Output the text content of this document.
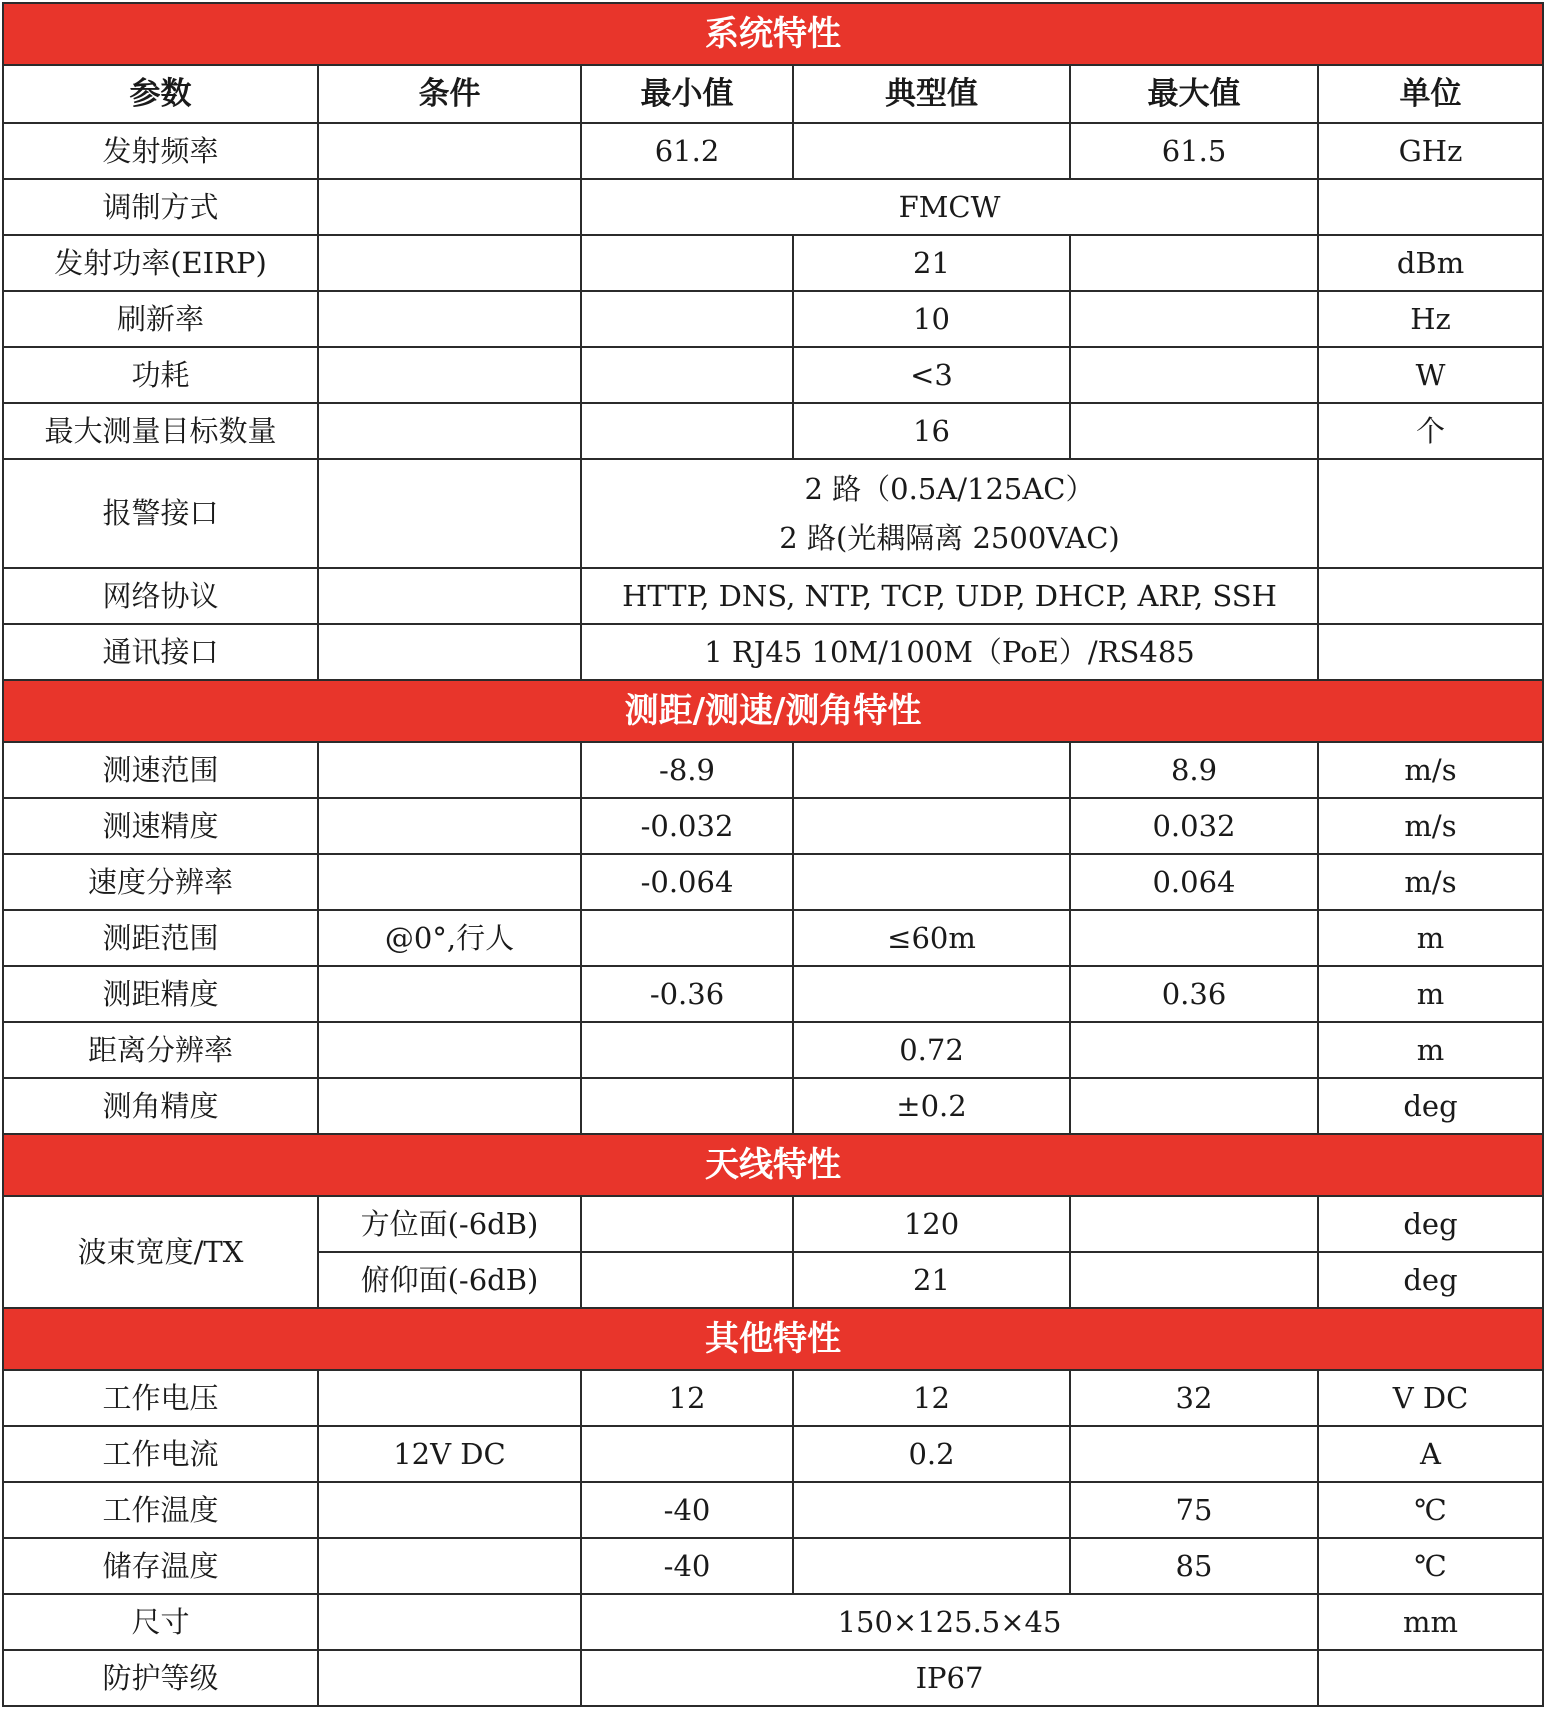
系统特性					
参数	条件	最小值	典型值	最大值	单位
发射频率		61.2		61.5	GHz
调制方式		FMCW			
发射功率(EIRP)			21		dBm
刷新率			10		Hz
功耗			<3		W
最大测量目标数量			16		个
报警接口		2 路（0.5A/125AC）
2 路(光耦隔离 2500VAC)			

网络协议		HTTP, DNS, NTP, TCP, UDP, DHCP, ARP, SSH			
通讯接口		1 RJ45 10M/100M（PoE）/RS485			
测距/测速/测角特性					
测速范围		-8.9		8.9	m/s
测速精度		-0.032		0.032	m/s
速度分辨率		-0.064		0.064	m/s
测距范围	@0°,行人		≤60m		m
测距精度		-0.36		0.36	m
距离分辨率			0.72		m
测角精度			±0.2		deg
天线特性					
波束宽度/TX	方位面(-6dB)		120		deg
	俯仰面(-6dB)		21		deg
其他特性					
工作电压		12	12	32	V DC
工作电流	12V DC		0.2		A
工作温度		-40		75	℃
储存温度		-40		85	℃
尺寸		150×125.5×45			mm
防护等级		IP67			
